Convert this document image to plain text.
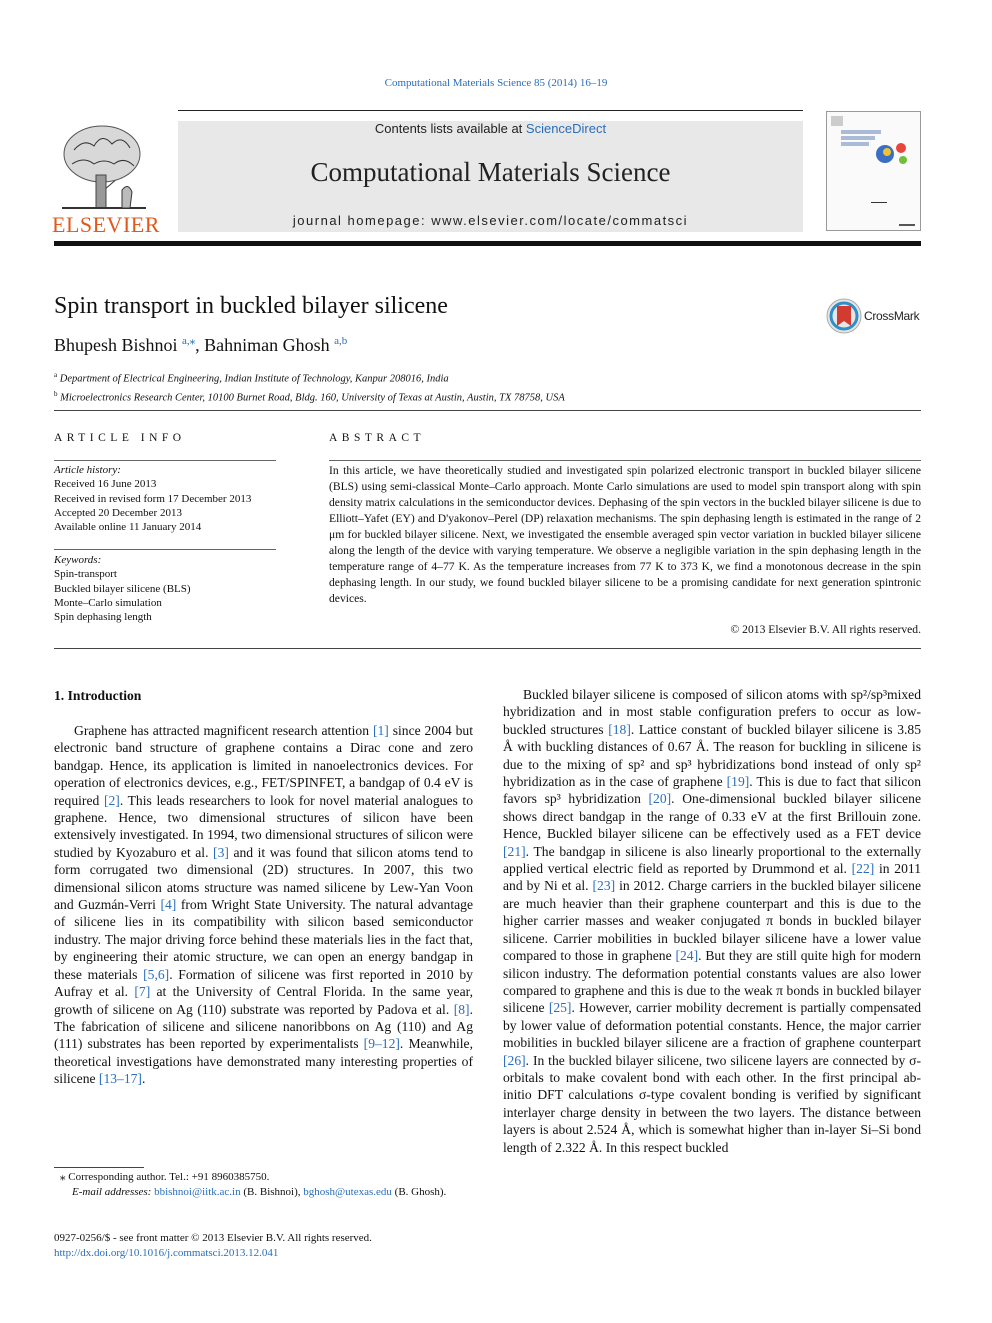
Computational Materials Science 85 (2014) 16–19
ELSEVIER
Contents lists available at ScienceDirect
Computational Materials Science
journal homepage: www.elsevier.com/locate/commatsci
Spin transport in buckled bilayer silicene	CrossMark
Bhupesh Bishnoi $^{a,⁎}$, Bahniman Ghosh $^{a,b}$
$^a$ Department of Electrical Engineering, Indian Institute of Technology, Kanpur 208016, India
$^b$ Microelectronics Research Center, 10100 Burnet Road, Bldg. 160, University of Texas at Austin, Austin, TX 78758, USA
ARTICLE INFO	ABSTRACT
Article history:
Received 16 June 2013
Received in revised form 17 December 2013
Accepted 20 December 2013
Available online 11 January 2014
Keywords:
Spin-transport
Buckled bilayer silicene (BLS)
Monte–Carlo simulation
Spin dephasing length

In this article, we have theoretically studied and investigated spin polarized electronic transport in buckled bilayer silicene (BLS) using semi-classical Monte–Carlo approach. Monte Carlo simulations are used to model spin transport along with spin density matrix calculations in the semiconductor devices. Dephasing of the spin vectors in the buckled bilayer silicene is due to Elliott–Yafet (EY) and D'yakonov–Perel (DP) relaxation mechanisms. The spin dephasing length is estimated in the range of 2 μm for buckled bilayer silicene. Next, we investigated the ensemble averaged spin vector variation in buckled bilayer silicene along the length of the device with varying temperature. We observe a negligible variation in the spin dephasing length in the temperature range of 4–77 K. As the temperature increases from 77 K to 373 K, we find a monotonous decrease in the spin dephasing length. In our study, we found buckled bilayer silicene to be a promising candidate for next generation spintronic devices.

© 2013 Elsevier B.V. All rights reserved.
1. Introduction

Graphene has attracted magnificent research attention [1] since 2004 but electronic band structure of graphene contains a Dirac cone and zero bandgap. Hence, its application is limited in nanoelectronics devices. For operation of electronics devices, e.g., FET/SPINFET, a bandgap of 0.4 eV is required [2]. This leads researchers to look for novel material analogues to graphene. Hence, two dimensional structures of silicon have been extensively investigated. In 1994, two dimensional structures of silicon were studied by Kyozaburo et al. [3] and it was found that silicon atoms tend to form corrugated two dimensional (2D) structures. In 2007, this two dimensional silicon atoms structure was named silicene by Lew-Yan Voon and Guzmán-Verri [4] from Wright State University. The natural advantage of silicene lies in its compatibility with silicon based semiconductor industry. The major driving force behind these materials lies in the fact that, by engineering their atomic structure, we can open an energy bandgap in these materials [5,6]. Formation of silicene was first reported in 2010 by Aufray et al. [7] at the University of Central Florida. In the same year, growth of silicene on Ag (110) substrate was reported by Padova et al. [8]. The fabrication of silicene and silicene nanoribbons on Ag (110) and Ag (111) substrates has been reported by experimentalists [9–12]. Meanwhile, theoretical investigations have demonstrated many interesting properties of silicene [13–17].

Buckled bilayer silicene is composed of silicon atoms with sp²/sp³mixed hybridization and in most stable configuration prefers to occur as low-buckled structures [18]. Lattice constant of buckled bilayer silicene is 3.85 Å with buckling distances of 0.67 Å. The reason for buckling in silicene is due to the mixing of sp² and sp³ hybridizations bond instead of only sp² hybridization as in the case of graphene [19]. This is due to fact that silicon favors sp³ hybridization [20]. One-dimensional buckled bilayer silicene shows direct bandgap in the range of 0.33 eV at the first Brillouin zone. Hence, Buckled bilayer silicene can be effectively used as a FET device [21]. The bandgap in silicene is also linearly proportional to the externally applied vertical electric field as reported by Drummond et al. [22] in 2011 and by Ni et al. [23] in 2012. Charge carriers in the buckled bilayer silicene are much heavier than their graphene counterpart and this is due to the higher carrier masses and weaker conjugated π bonds in buckled bilayer silicene. Carrier mobilities in buckled bilayer silicene have a lower value compared to those in graphene [24]. But they are still quite high for modern silicon industry. The deformation potential constants values are also lower compared to graphene and this is due to the weak π bonds in buckled bilayer silicene [25]. However, carrier mobility decrement is partially compensated by lower value of deformation potential constants. Hence, the major carrier mobilities in buckled bilayer silicene are a fraction of graphene counterpart [26]. In the buckled bilayer silicene, two silicene layers are connected by σ-orbitals to make covalent bond with each other. In the first principal ab-initio DFT calculations σ-type covalent bonding is verified by significant interlayer charge density in between the two layers. The distance between layers is about 2.524 Å, which is somewhat higher than in-layer Si–Si bond length of 2.322 Å. In this respect buckled

⁎ Corresponding author. Tel.: +91 8960385750.
E-mail addresses: bbishnoi@iitk.ac.in (B. Bishnoi), bghosh@utexas.edu (B. Ghosh).
0927-0256/$ - see front matter © 2013 Elsevier B.V. All rights reserved.
http://dx.doi.org/10.1016/j.commatsci.2013.12.041
